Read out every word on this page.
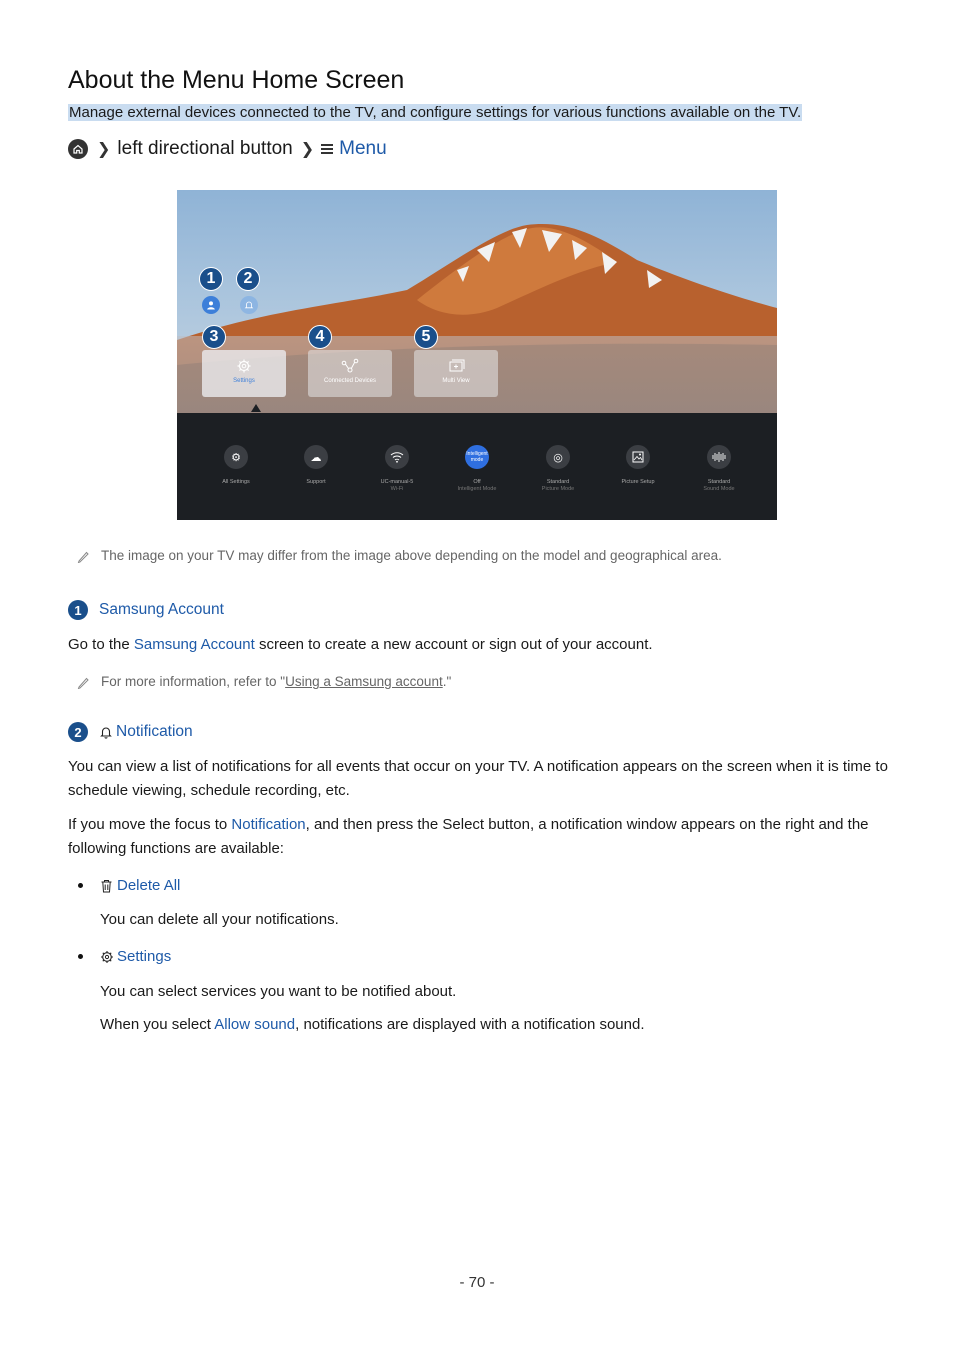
About the Menu Home Screen
Manage external devices connected to the TV, and configure settings for various functions available on the TV.
❯ left directional button ❯ Menu
1	2
3	4	5
Settings	Connected Devices	Multi View
⚙
All Settings
☁
Support	UC-manual-5
Wi-Fi
Intelligent mode
Off
Intelligent Mode
◎
Standard
Picture Mode
Picture Setup	Standard
Sound Mode
The image on your TV may differ from the image above depending on the model and geographical area.
1	Samsung Account

Go to the Samsung Account screen to create a new account or sign out of your account.

For more information, refer to "Using a Samsung account."
2	Notification

You can view a list of notifications for all events that occur on your TV. A notification appears on the screen when it is time to schedule viewing, schedule recording, etc.

If you move the focus to Notification, and then press the Select button, a notification window appears on the right and the following functions are available:

Delete All

You can delete all your notifications.

Settings

You can select services you want to be notified about.

When you select Allow sound, notifications are displayed with a notification sound.

- 70 -
